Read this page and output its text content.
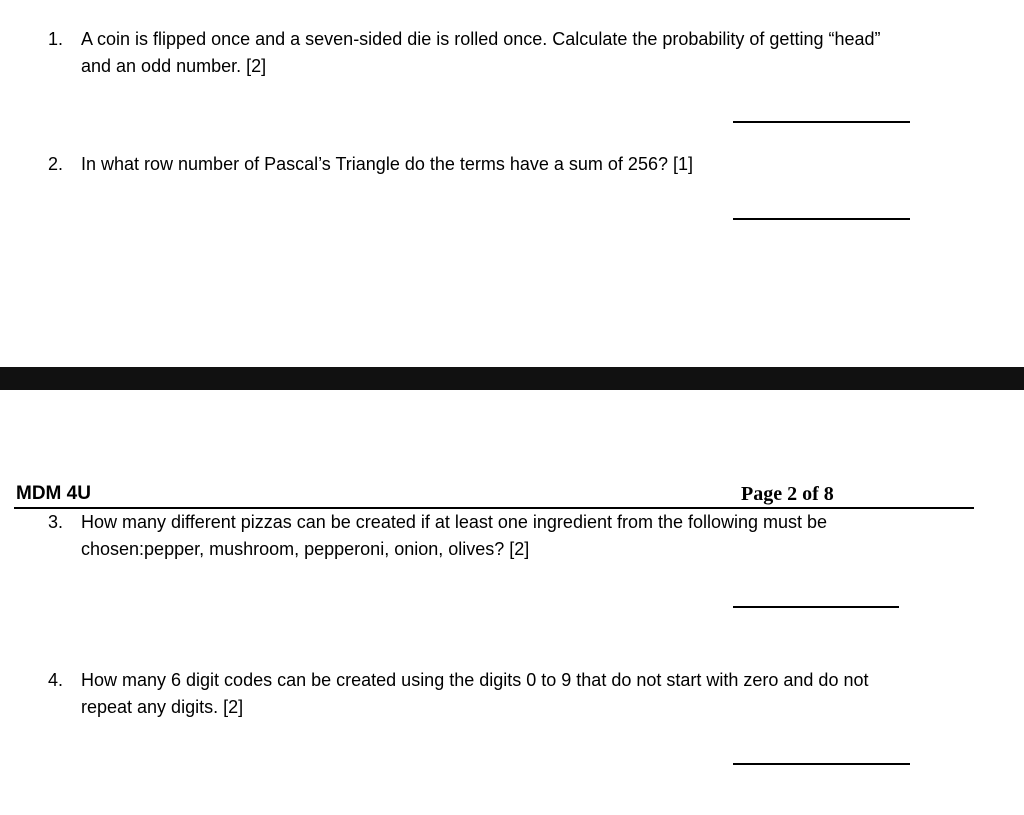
1. A coin is flipped once and a seven-sided die is rolled once. Calculate the probability of getting “head”
and an odd number. [2]
2. In what row number of Pascal’s Triangle do the terms have a sum of 256? [1]
MDM 4U	Page 2 of 8
3. How many different pizzas can be created if at least one ingredient from the following must be
chosen:pepper, mushroom, pepperoni, onion, olives? [2]
4. How many 6 digit codes can be created using the digits 0 to 9 that do not start with zero and do not
repeat any digits. [2]
